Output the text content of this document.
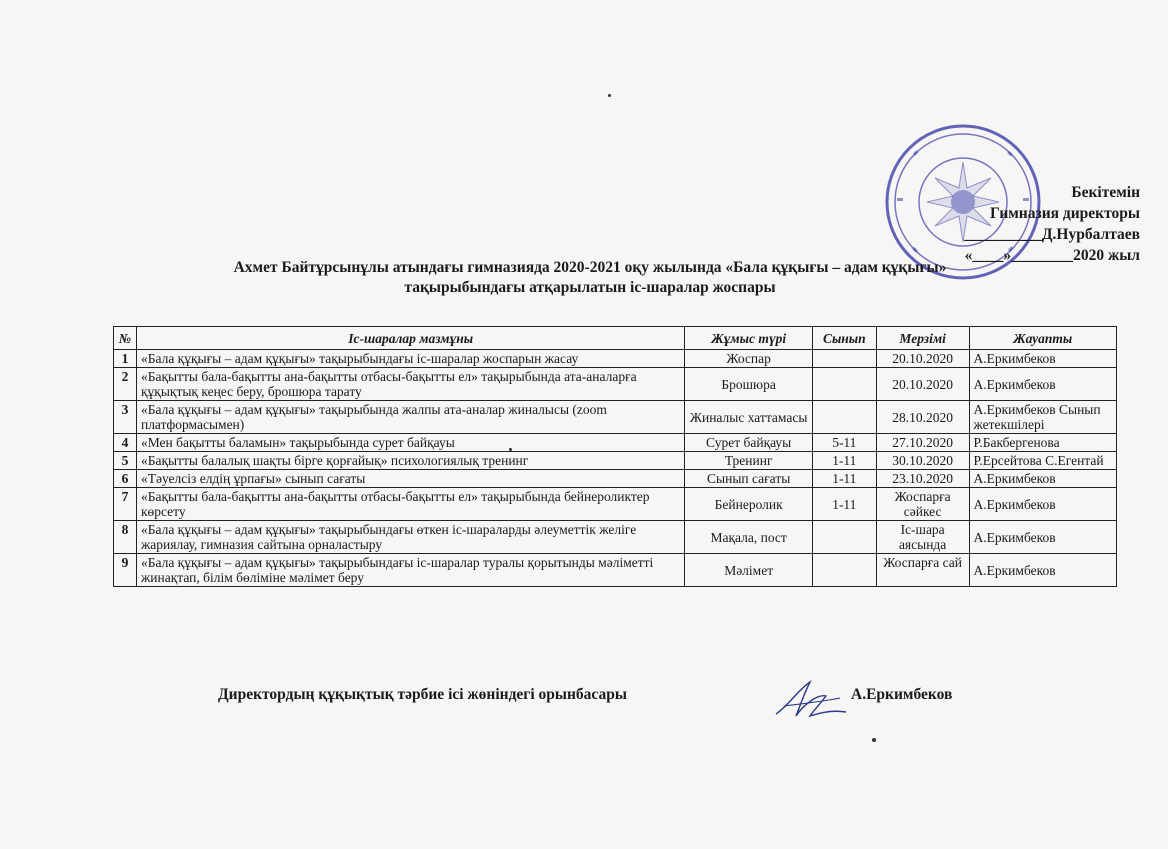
Бекітемін
Гимназия директоры
__________Д.Нурбалтаев
«____»________2020 жыл
Ахмет Байтұрсынұлы атындағы гимназияда 2020-2021 оқу жылында «Бала құқығы – адам құқығы»
тақырыбындағы атқарылатын іс-шаралар жоспары
№	Іс-шаралар мазмұны	Жұмыс түрі	Сынып	Мерзімі	Жауапты
1	«Бала құқығы – адам құқығы» тақырыбындағы іс-шаралар жоспарын жасау	Жоспар		20.10.2020	А.Еркимбеков
2	«Бақытты бала-бақытты ана-бақытты отбасы-бақытты ел» тақырыбында ата-аналарға құқықтық кеңес беру, брошюра тарату	Брошюра		20.10.2020	А.Еркимбеков
3	«Бала құқығы – адам құқығы» тақырыбында жалпы ата-аналар жиналысы (zoom платформасымен)	Жиналыс хаттамасы		28.10.2020	А.Еркимбеков Сынып жетекшілері
4	«Мен бақытты баламын» тақырыбында сурет байқауы	Сурет байқауы	5-11	27.10.2020	Р.Бакбергенова
5	«Бақытты балалық шақты бірге қорғайық» психологиялық тренинг	Тренинг	1-11	30.10.2020	Р.Ерсейтова С.Егентай
6	«Тәуелсіз елдің ұрпағы» сынып сағаты	Сынып сағаты	1-11	23.10.2020	А.Еркимбеков
7	«Бақытты бала-бақытты ана-бақытты отбасы-бақытты ел» тақырыбында бейнероликтер көрсету	Бейнеролик	1-11	Жоспарға сәйкес	А.Еркимбеков
8	«Бала құқығы – адам құқығы» тақырыбындағы өткен іс-шараларды әлеуметтік желіге жариялау, гимназия сайтына орналастыру	Мақала, пост		Іс-шара аясында	А.Еркимбеков
9	«Бала құқығы – адам құқығы» тақырыбындағы іс-шаралар туралы қорытынды мәліметті жинақтап, білім бөліміне мәлімет беру	Мәлімет		Жоспарға сай	А.Еркимбеков
Директордың құқықтық тәрбие ісі жөніндегі орынбасары	А.Еркимбеков
